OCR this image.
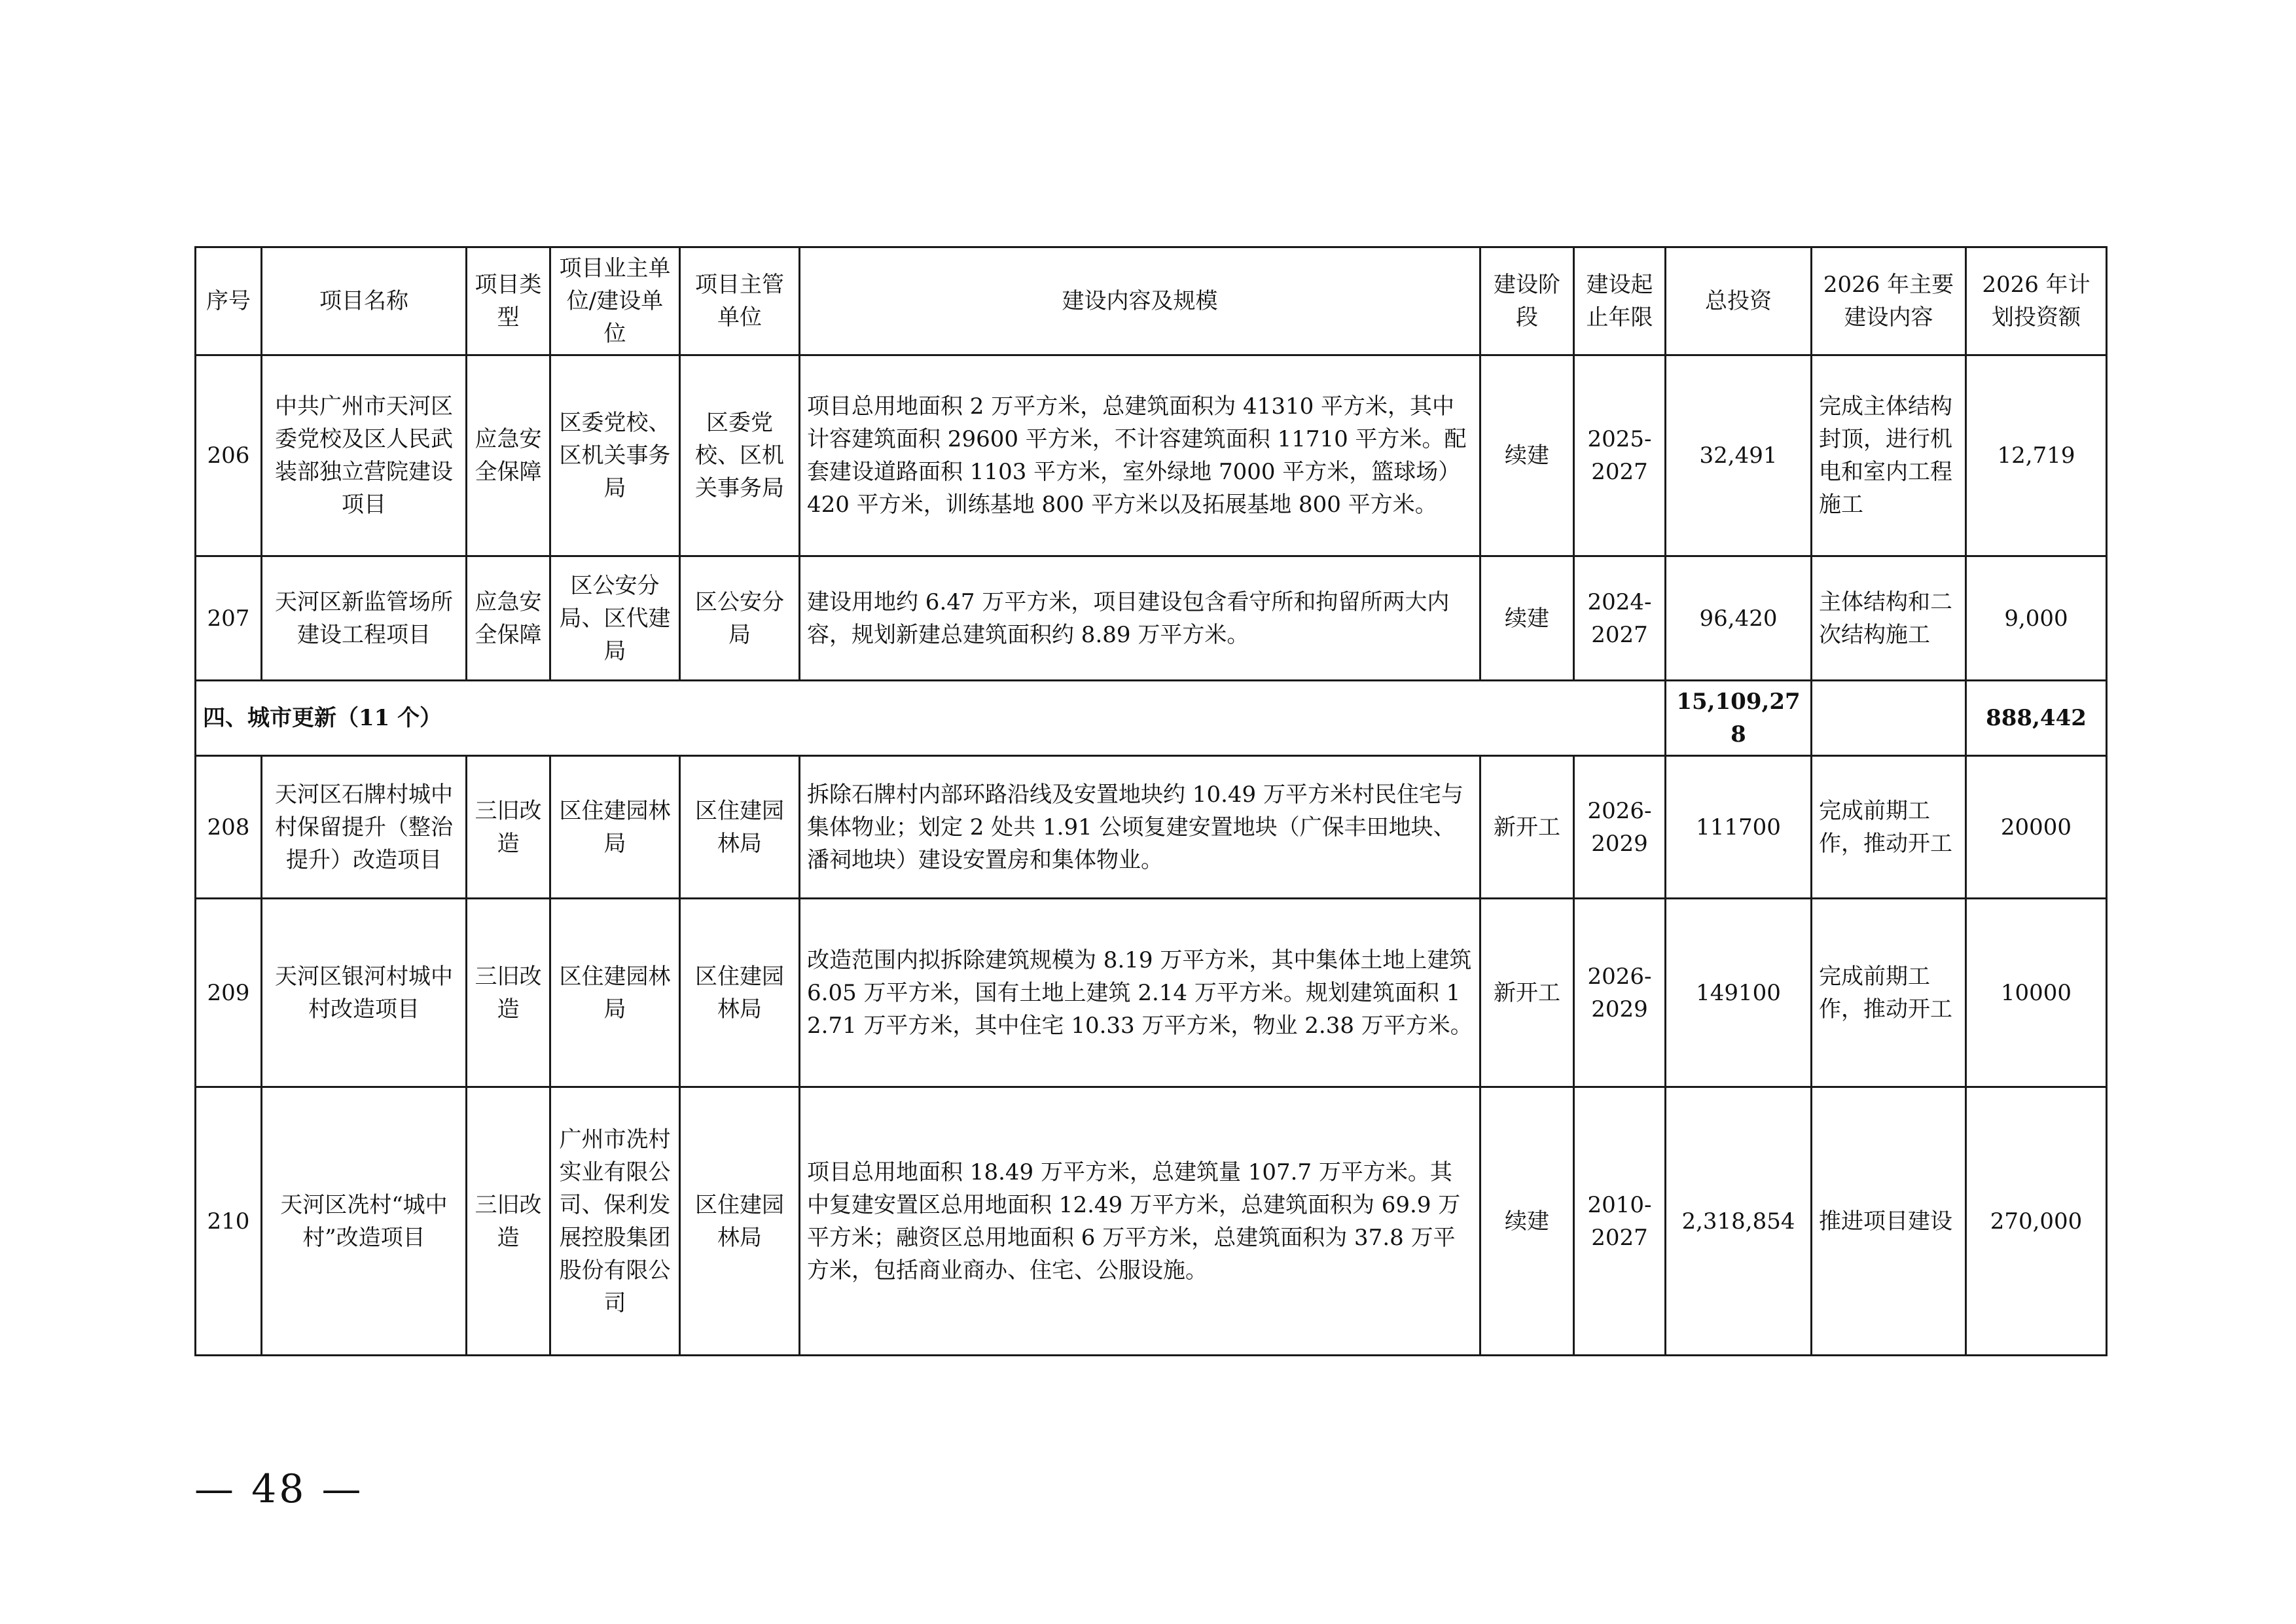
序号	项目名称	项目类型	项目业主单位/建设单位	项目主管单位	建设内容及规模	建设阶段	建设起止年限	总投资	2026 年主要建设内容	2026 年计划投资额
206	中共广州市天河区委党校及区人民武装部独立营院建设项目	应急安全保障	区委党校、区机关事务局	区委党校、区机关事务局	项目总用地面积 2 万平方米，总建筑面积为 41310 平方米，其中计容建筑面积 29600 平方米，不计容建筑面积 11710 平方米。配套建设道路面积 1103 平方米，室外绿地 7000 平方米，篮球场）420 平方米，训练基地 800 平方米以及拓展基地 800 平方米。	续建	2025-2027	32,491	完成主体结构封顶，进行机电和室内工程施工	12,719
207	天河区新监管场所建设工程项目	应急安全保障	区公安分局、区代建局	区公安分局	建设用地约 6.47 万平方米，项目建设包含看守所和拘留所两大内容，规划新建总建筑面积约 8.89 万平方米。	续建	2024-2027	96,420	主体结构和二次结构施工	9,000
四、城市更新（11 个）								15,109,278		888,442
208	天河区石牌村城中村保留提升（整治提升）改造项目	三旧改造	区住建园林局	区住建园林局	拆除石牌村内部环路沿线及安置地块约 10.49 万平方米村民住宅与集体物业；划定 2 处共 1.91 公顷复建安置地块（广保丰田地块、潘祠地块）建设安置房和集体物业。	新开工	2026-2029	111700	完成前期工作，推动开工	20000
209	天河区银河村城中村改造项目	三旧改造	区住建园林局	区住建园林局	改造范围内拟拆除建筑规模为 8.19 万平方米，其中集体土地上建筑 6.05 万平方米，国有土地上建筑 2.14 万平方米。规划建筑面积 12.71 万平方米，其中住宅 10.33 万平方米，物业 2.38 万平方米。	新开工	2026-2029	149100	完成前期工作，推动开工	10000
210	天河区冼村“城中村”改造项目	三旧改造	广州市冼村实业有限公司、保利发展控股集团股份有限公司	区住建园林局	项目总用地面积 18.49 万平方米，总建筑量 107.7 万平方米。其中复建安置区总用地面积 12.49 万平方米，总建筑面积为 69.9 万平方米；融资区总用地面积 6 万平方米，总建筑面积为 37.8 万平方米，包括商业商办、住宅、公服设施。	续建	2010-2027	2,318,854	推进项目建设	270,000
— 48 —
